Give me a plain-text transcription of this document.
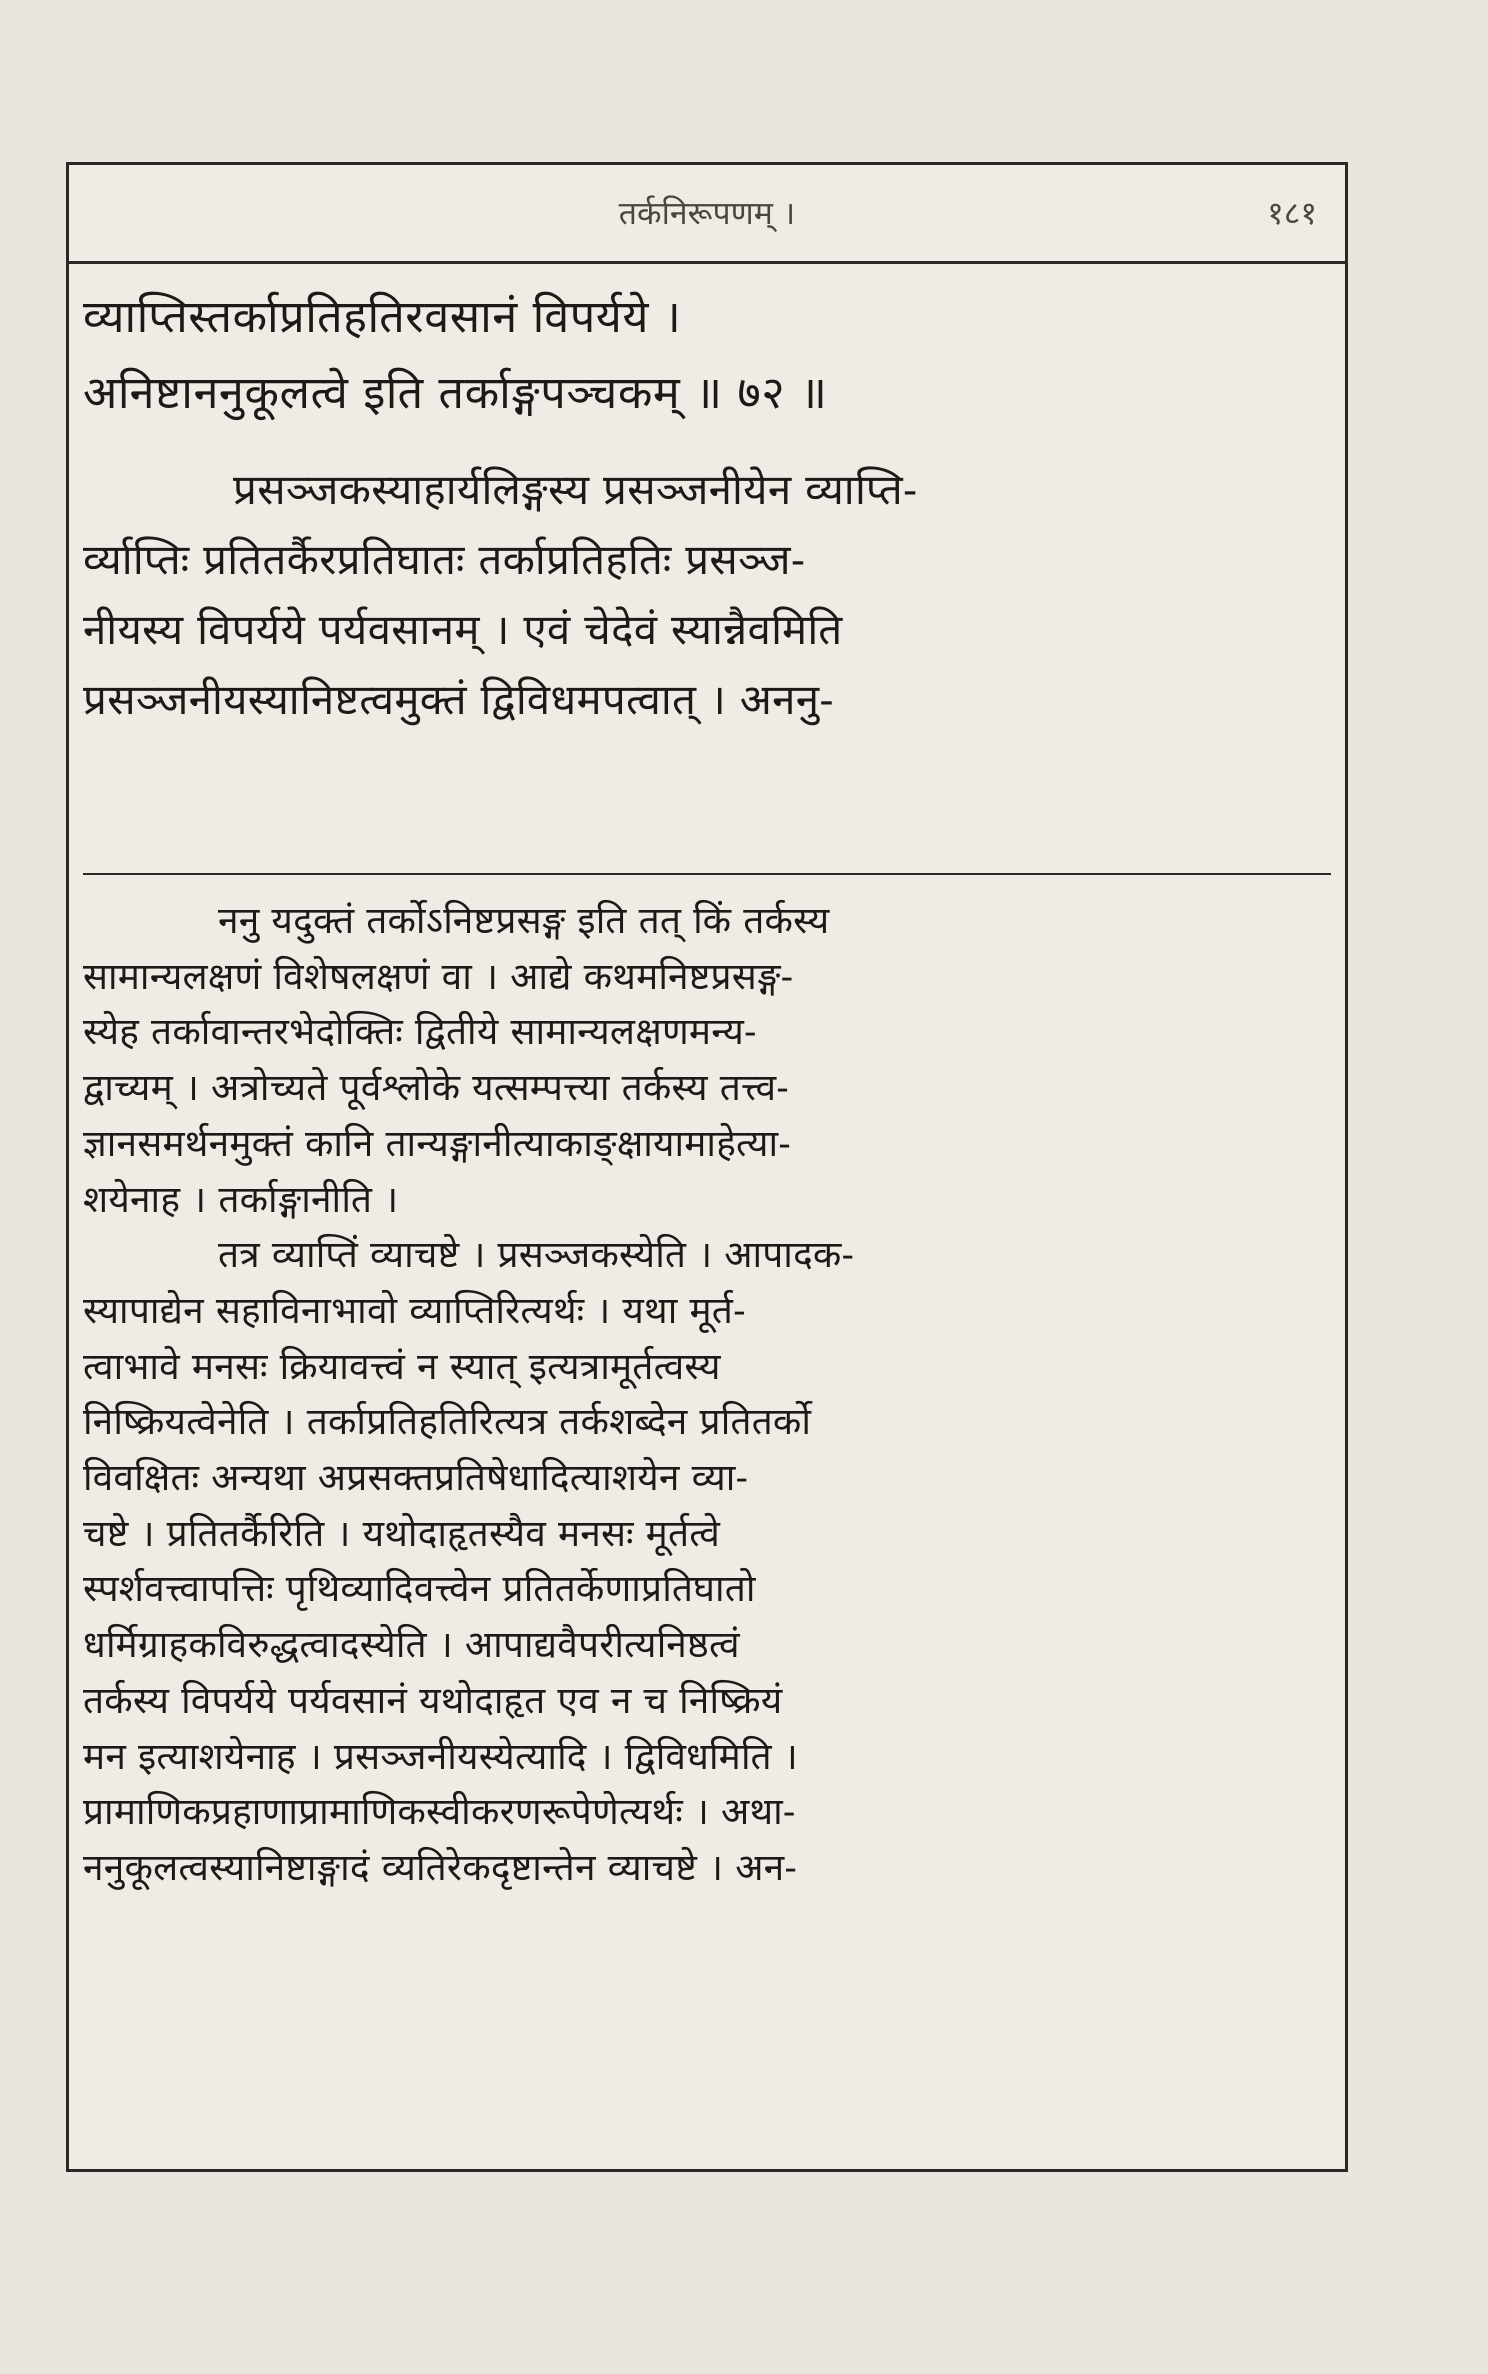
तर्कनिरूपणम् ।	१८१
व्याप्तिस्तर्काप्रतिहतिरवसानं विपर्यये ।
अनिष्टाननुकूलत्वे इति तर्काङ्गपञ्चकम् ॥ ७२ ॥
प्रसञ्जकस्याहार्यलिङ्गस्य प्रसञ्जनीयेन व्याप्ति-
र्व्याप्तिः प्रतितर्कैरप्रतिघातः तर्काप्रतिहतिः प्रसञ्ज-
नीयस्य विपर्यये पर्यवसानम् । एवं चेदेवं स्यान्नैवमिति
प्रसञ्जनीयस्यानिष्टत्वमुक्तं द्विविधमपत्वात् । अननु-
ननु यदुक्तं तर्कोऽनिष्टप्रसङ्ग इति तत् किं तर्कस्य
सामान्यलक्षणं विशेषलक्षणं वा । आद्ये कथमनिष्टप्रसङ्ग-
स्येह तर्कावान्तरभेदोक्तिः द्वितीये सामान्यलक्षणमन्य-
द्वाच्यम् । अत्रोच्यते पूर्वश्लोके यत्सम्पत्त्या तर्कस्य तत्त्व-
ज्ञानसमर्थनमुक्तं कानि तान्यङ्गानीत्याकाङ्क्षायामाहेत्या-
शयेनाह । तर्काङ्गानीति ।
तत्र व्याप्तिं व्याचष्टे । प्रसञ्जकस्येति । आपादक-
स्यापाद्येन सहाविनाभावो व्याप्तिरित्यर्थः । यथा मूर्त-
त्वाभावे मनसः क्रियावत्त्वं न स्यात् इत्यत्रामूर्तत्वस्य
निष्क्रियत्वेनेति । तर्काप्रतिहतिरित्यत्र तर्कशब्देन प्रतितर्को
विवक्षितः अन्यथा अप्रसक्तप्रतिषेधादित्याशयेन व्या-
चष्टे । प्रतितर्कैरिति । यथोदाहृतस्यैव मनसः मूर्तत्वे
स्पर्शवत्त्वापत्तिः पृथिव्यादिवत्त्वेन प्रतितर्केणाप्रतिघातो
धर्मिग्राहकविरुद्धत्वादस्येति । आपाद्यवैपरीत्यनिष्ठत्वं
तर्कस्य विपर्यये पर्यवसानं यथोदाहृत एव न च निष्क्रियं
मन इत्याशयेनाह । प्रसञ्जनीयस्येत्यादि । द्विविधमिति ।
प्रामाणिकप्रहाणाप्रामाणिकस्वीकरणरूपेणेत्यर्थः । अथा-
ननुकूलत्वस्यानिष्टाङ्गादं व्यतिरेकदृष्टान्तेन व्याचष्टे । अन-
